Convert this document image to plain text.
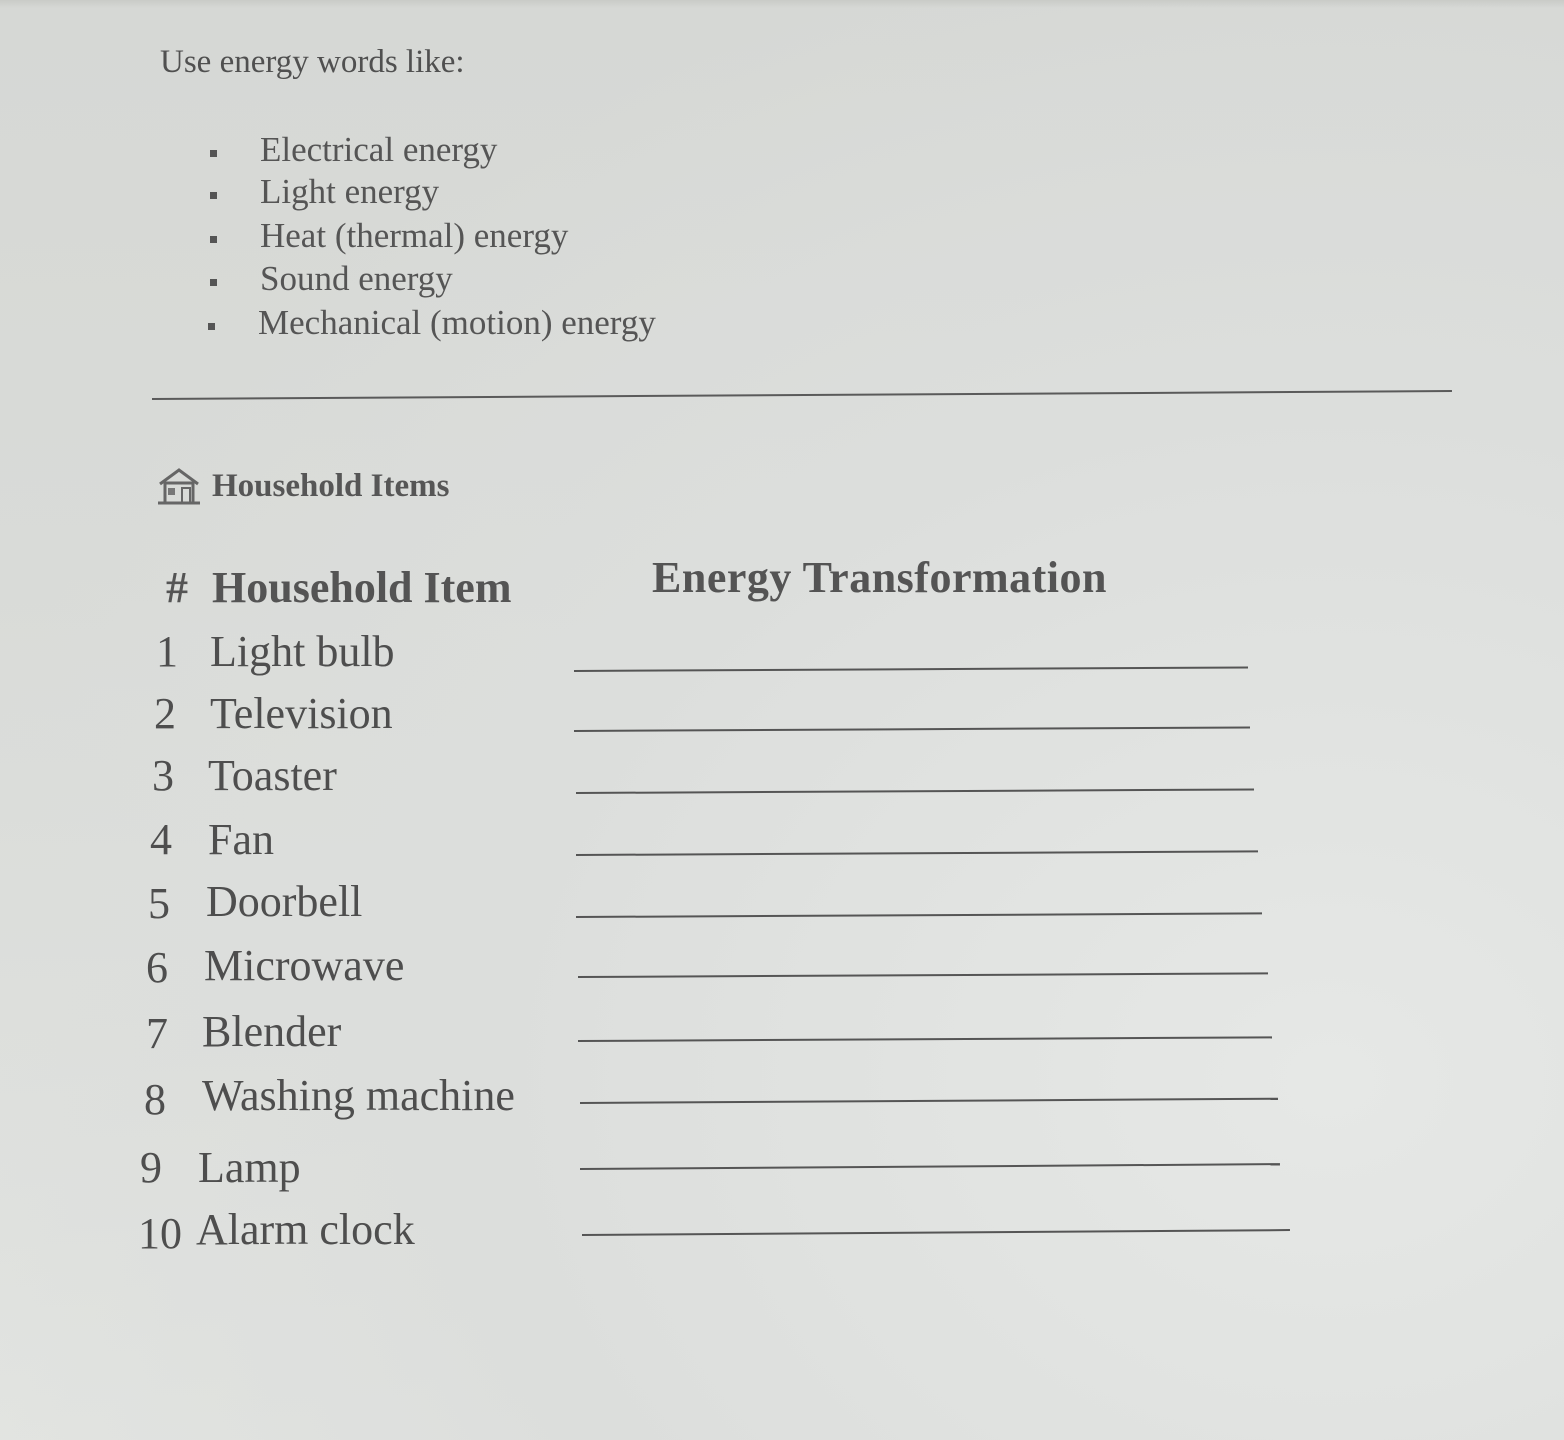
Use energy words like:

Electrical energy
Light energy
Heat (thermal) energy
Sound energy
Mechanical (motion) energy
Household Items
# Household Item	Energy Transformation
1 Light bulb
2 Television
3 Toaster
4 Fan
5 Doorbell
6 Microwave
7 Blender
8 Washing machine
9 Lamp
10 Alarm clock
